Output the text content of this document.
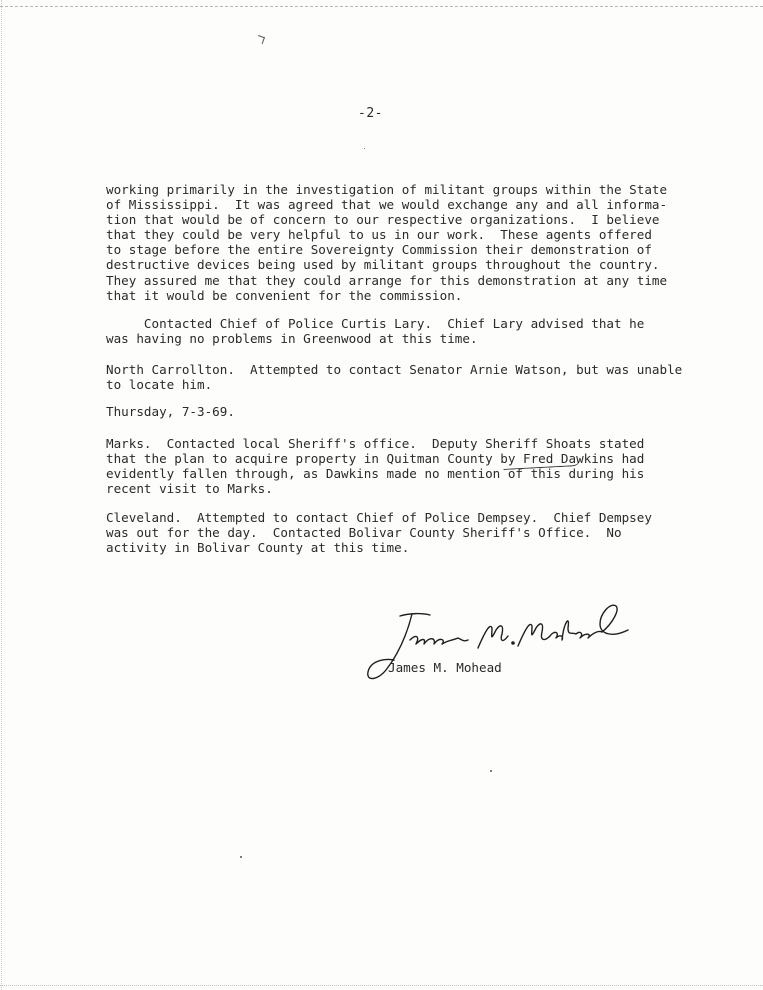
-2-

working primarily in the investigation of militant groups within the State
of Mississippi.  It was agreed that we would exchange any and all informa-
tion that would be of concern to our respective organizations.  I believe
that they could be very helpful to us in our work.  These agents offered
to stage before the entire Sovereignty Commission their demonstration of
destructive devices being used by militant groups throughout the country.
They assured me that they could arrange for this demonstration at any time
that it would be convenient for the commission.

Contacted Chief of Police Curtis Lary.  Chief Lary advised that he
was having no problems in Greenwood at this time.

North Carrollton.  Attempted to contact Senator Arnie Watson, but was unable
to locate him.

Thursday, 7-3-69.

Marks.  Contacted local Sheriff's office.  Deputy Sheriff Shoats stated
that the plan to acquire property in Quitman County by Fred Dawkins had
evidently fallen through, as Dawkins made no mention of this during his
recent visit to Marks.

Cleveland.  Attempted to contact Chief of Police Dempsey.  Chief Dempsey
was out for the day.  Contacted Bolivar County Sheriff's Office.  No
activity in Bolivar County at this time.

James M. Mohead
